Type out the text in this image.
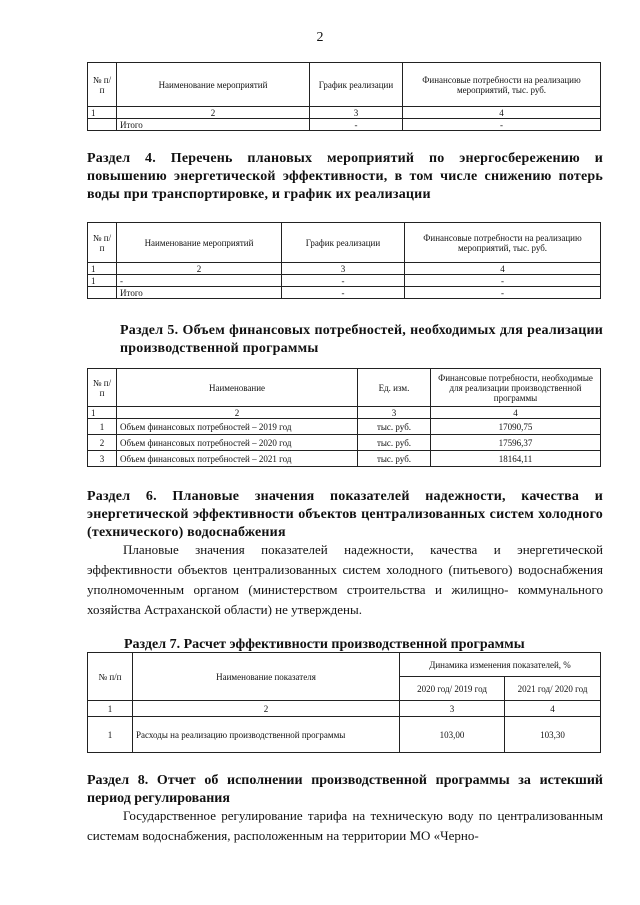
2
№ п/п	Наименование мероприятий	График реализации	Финансовые потребности на реализацию мероприятий, тыс. руб.
1	2	3	4
	Итого	-	-
Раздел 4. Перечень плановых мероприятий по энергосбережению и повышению энергетической эффективности, в том числе снижению потерь воды при транспортировке, и график их реализации
№ п/п	Наименование мероприятий	График реализации	Финансовые потребности на реализацию мероприятий, тыс. руб.
1	2	3	4
1	-	-	-
	Итого	-	-
Раздел 5. Объем финансовых потребностей, необходимых для реализации производственной программы
№ п/п	Наименование	Ед. изм.	Финансовые потребности, необходимые для реализации производственной программы
1	2	3	4
1	Объем финансовых потребностей – 2019 год	тыс. руб.	17090,75
2	Объем финансовых потребностей – 2020 год	тыс. руб.	17596,37
3	Объем финансовых потребностей – 2021 год	тыс. руб.	18164,11
Раздел 6. Плановые значения показателей надежности, качества и энергетической эффективности объектов централизованных систем холодного (технического) водоснабжения
Плановые значения показателей надежности, качества и энергетической эффективности объектов централизованных систем холодного (питьевого) водоснабжения уполномоченным органом (министерством строительства и жилищно- коммунального хозяйства Астраханской области) не утверждены.
Раздел 7. Расчет эффективности производственной программы
№ п/п	Наименование показателя	Динамика изменения показателей, %	
		2020 год/ 2019 год	2021 год/ 2020 год
1	2	3	4
1	Расходы на реализацию производственной программы	103,00	103,30
Раздел 8. Отчет об исполнении производственной программы за истекший период регулирования
Государственное регулирование тарифа на техническую воду по централизованным системам водоснабжения, расположенным на территории МО «Черно-
